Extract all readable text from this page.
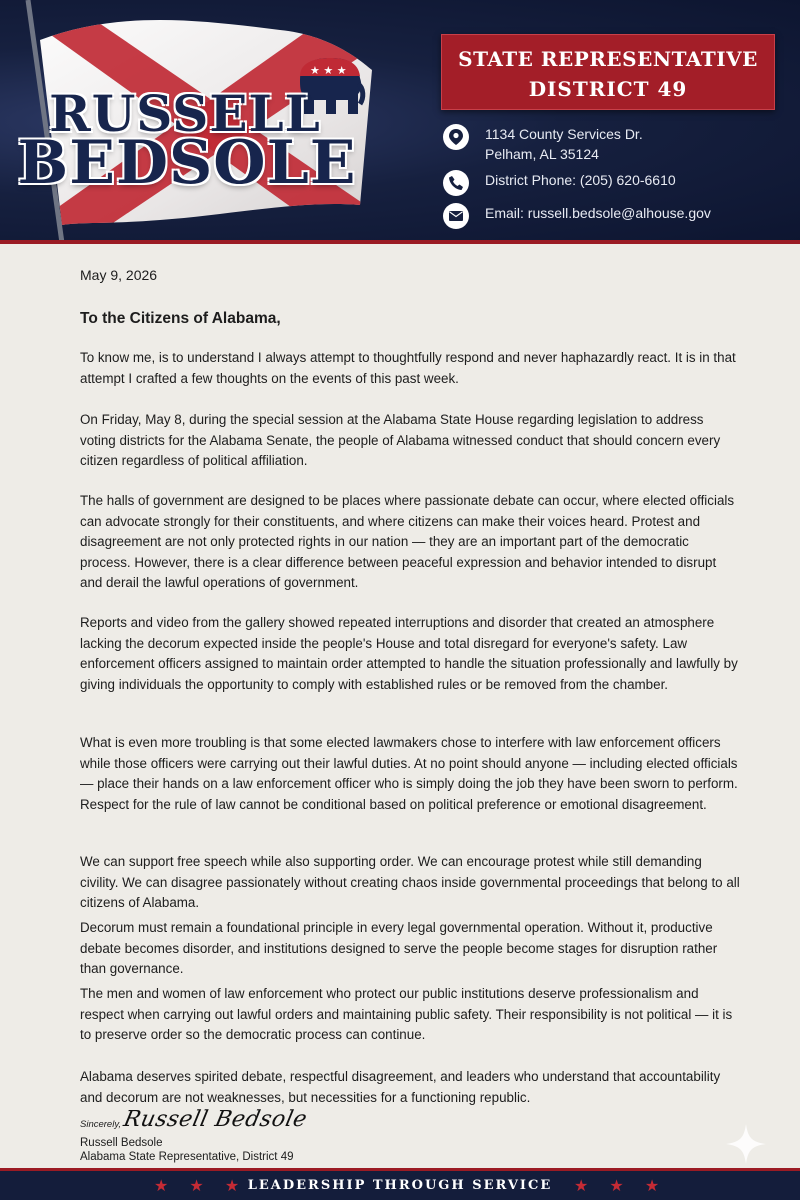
★ ★ ★
RUSSELL
BEDSOLE
STATE REPRESENTATIVE
DISTRICT 49
1134 County Services Dr.
Pelham, AL 35124
District Phone: (205) 620-6610
Email: russell.bedsole@alhouse.gov
May 9, 2026
To the Citizens of Alabama,

To know me, is to understand I always attempt to thoughtfully respond and never haphazardly react. It is in that attempt I crafted a few thoughts on the events of this past week.

On Friday, May 8, during the special session at the Alabama State House regarding legislation to address voting districts for the Alabama Senate, the people of Alabama witnessed conduct that should concern every citizen regardless of political affiliation.

The halls of government are designed to be places where passionate debate can occur, where elected officials can advocate strongly for their constituents, and where citizens can make their voices heard. Protest and disagreement are not only protected rights in our nation — they are an important part of the democratic process. However, there is a clear difference between peaceful expression and behavior intended to disrupt and derail the lawful operations of government.

Reports and video from the gallery showed repeated interruptions and disorder that created an atmosphere lacking the decorum expected inside the people's House and total disregard for everyone's safety. Law enforcement officers assigned to maintain order attempted to handle the situation professionally and lawfully by giving individuals the opportunity to comply with established rules or be removed from the chamber.

What is even more troubling is that some elected lawmakers chose to interfere with law enforcement officers while those officers were carrying out their lawful duties. At no point should anyone — including elected officials — place their hands on a law enforcement officer who is simply doing the job they have been sworn to perform. Respect for the rule of law cannot be conditional based on political preference or emotional disagreement.

We can support free speech while also supporting order. We can encourage protest while still demanding civility. We can disagree passionately without creating chaos inside governmental proceedings that belong to all citizens of Alabama.

Decorum must remain a foundational principle in every legal governmental operation. Without it, productive debate becomes disorder, and institutions designed to serve the people become stages for disruption rather than governance.

The men and women of law enforcement who protect our public institutions deserve professionalism and respect when carrying out lawful orders and maintaining public safety. Their responsibility is not political — it is to preserve order so the democratic process can continue.

Alabama deserves spirited debate, respectful disagreement, and leaders who understand that accountability and decorum are not weaknesses, but necessities for a functioning republic.

Sincerely, Russell Bedsole
Russell Bedsole
Alabama State Representative, District 49
★ ★ ★ LEADERSHIP THROUGH SERVICE	★ ★ ★
